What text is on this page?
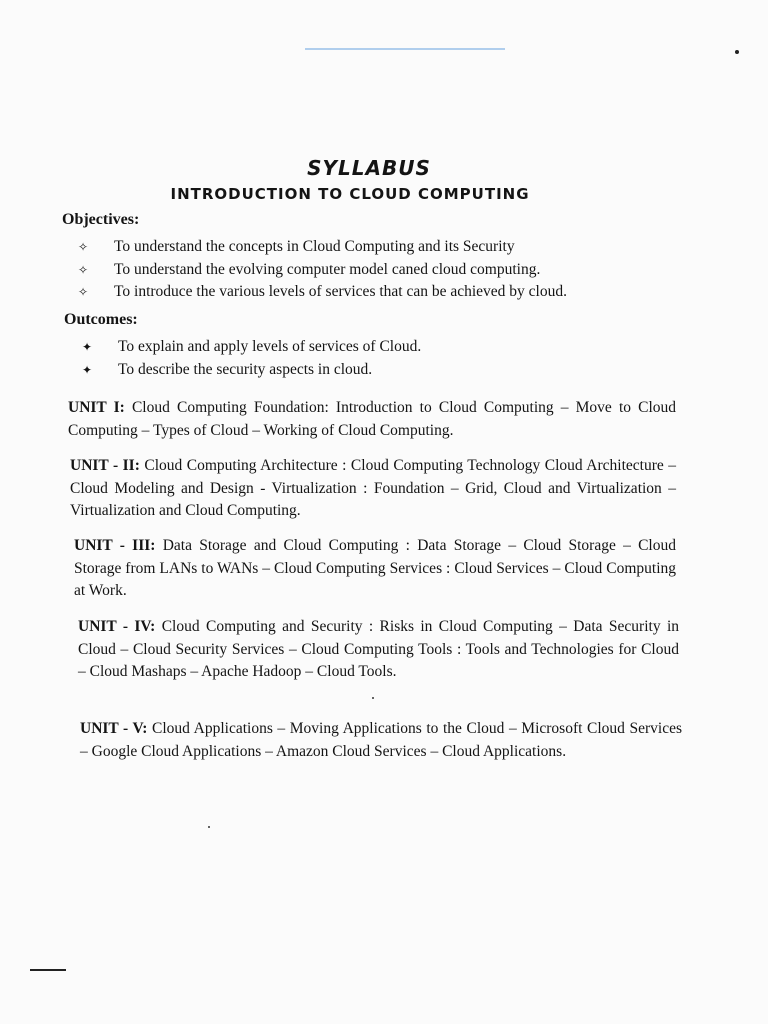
SYLLABUS
INTRODUCTION TO CLOUD COMPUTING
Objectives:
✧ To understand the concepts in Cloud Computing and its Security
✧ To understand the evolving computer model caned cloud computing.
✧ To introduce the various levels of services that can be achieved by cloud.
Outcomes:
✦ To explain and apply levels of services of Cloud.
✦ To describe the security aspects in cloud.
UNIT I: Cloud Computing Foundation: Introduction to Cloud Computing – Move to Cloud Computing – Types of Cloud – Working of Cloud Computing.
UNIT - II: Cloud Computing Architecture : Cloud Computing Technology Cloud Architecture – Cloud Modeling and Design - Virtualization : Foundation – Grid, Cloud and Virtualization – Virtualization and Cloud Computing.
UNIT - III: Data Storage and Cloud Computing : Data Storage – Cloud Storage – Cloud Storage from LANs to WANs – Cloud Computing Services : Cloud Services – Cloud Computing at Work.
UNIT - IV: Cloud Computing and Security : Risks in Cloud Computing – Data Security in Cloud – Cloud Security Services – Cloud Computing Tools : Tools and Technologies for Cloud – Cloud Mashaps – Apache Hadoop – Cloud Tools.
UNIT - V: Cloud Applications – Moving Applications to the Cloud – Microsoft Cloud Services – Google Cloud Applications – Amazon Cloud Services – Cloud Applications.
